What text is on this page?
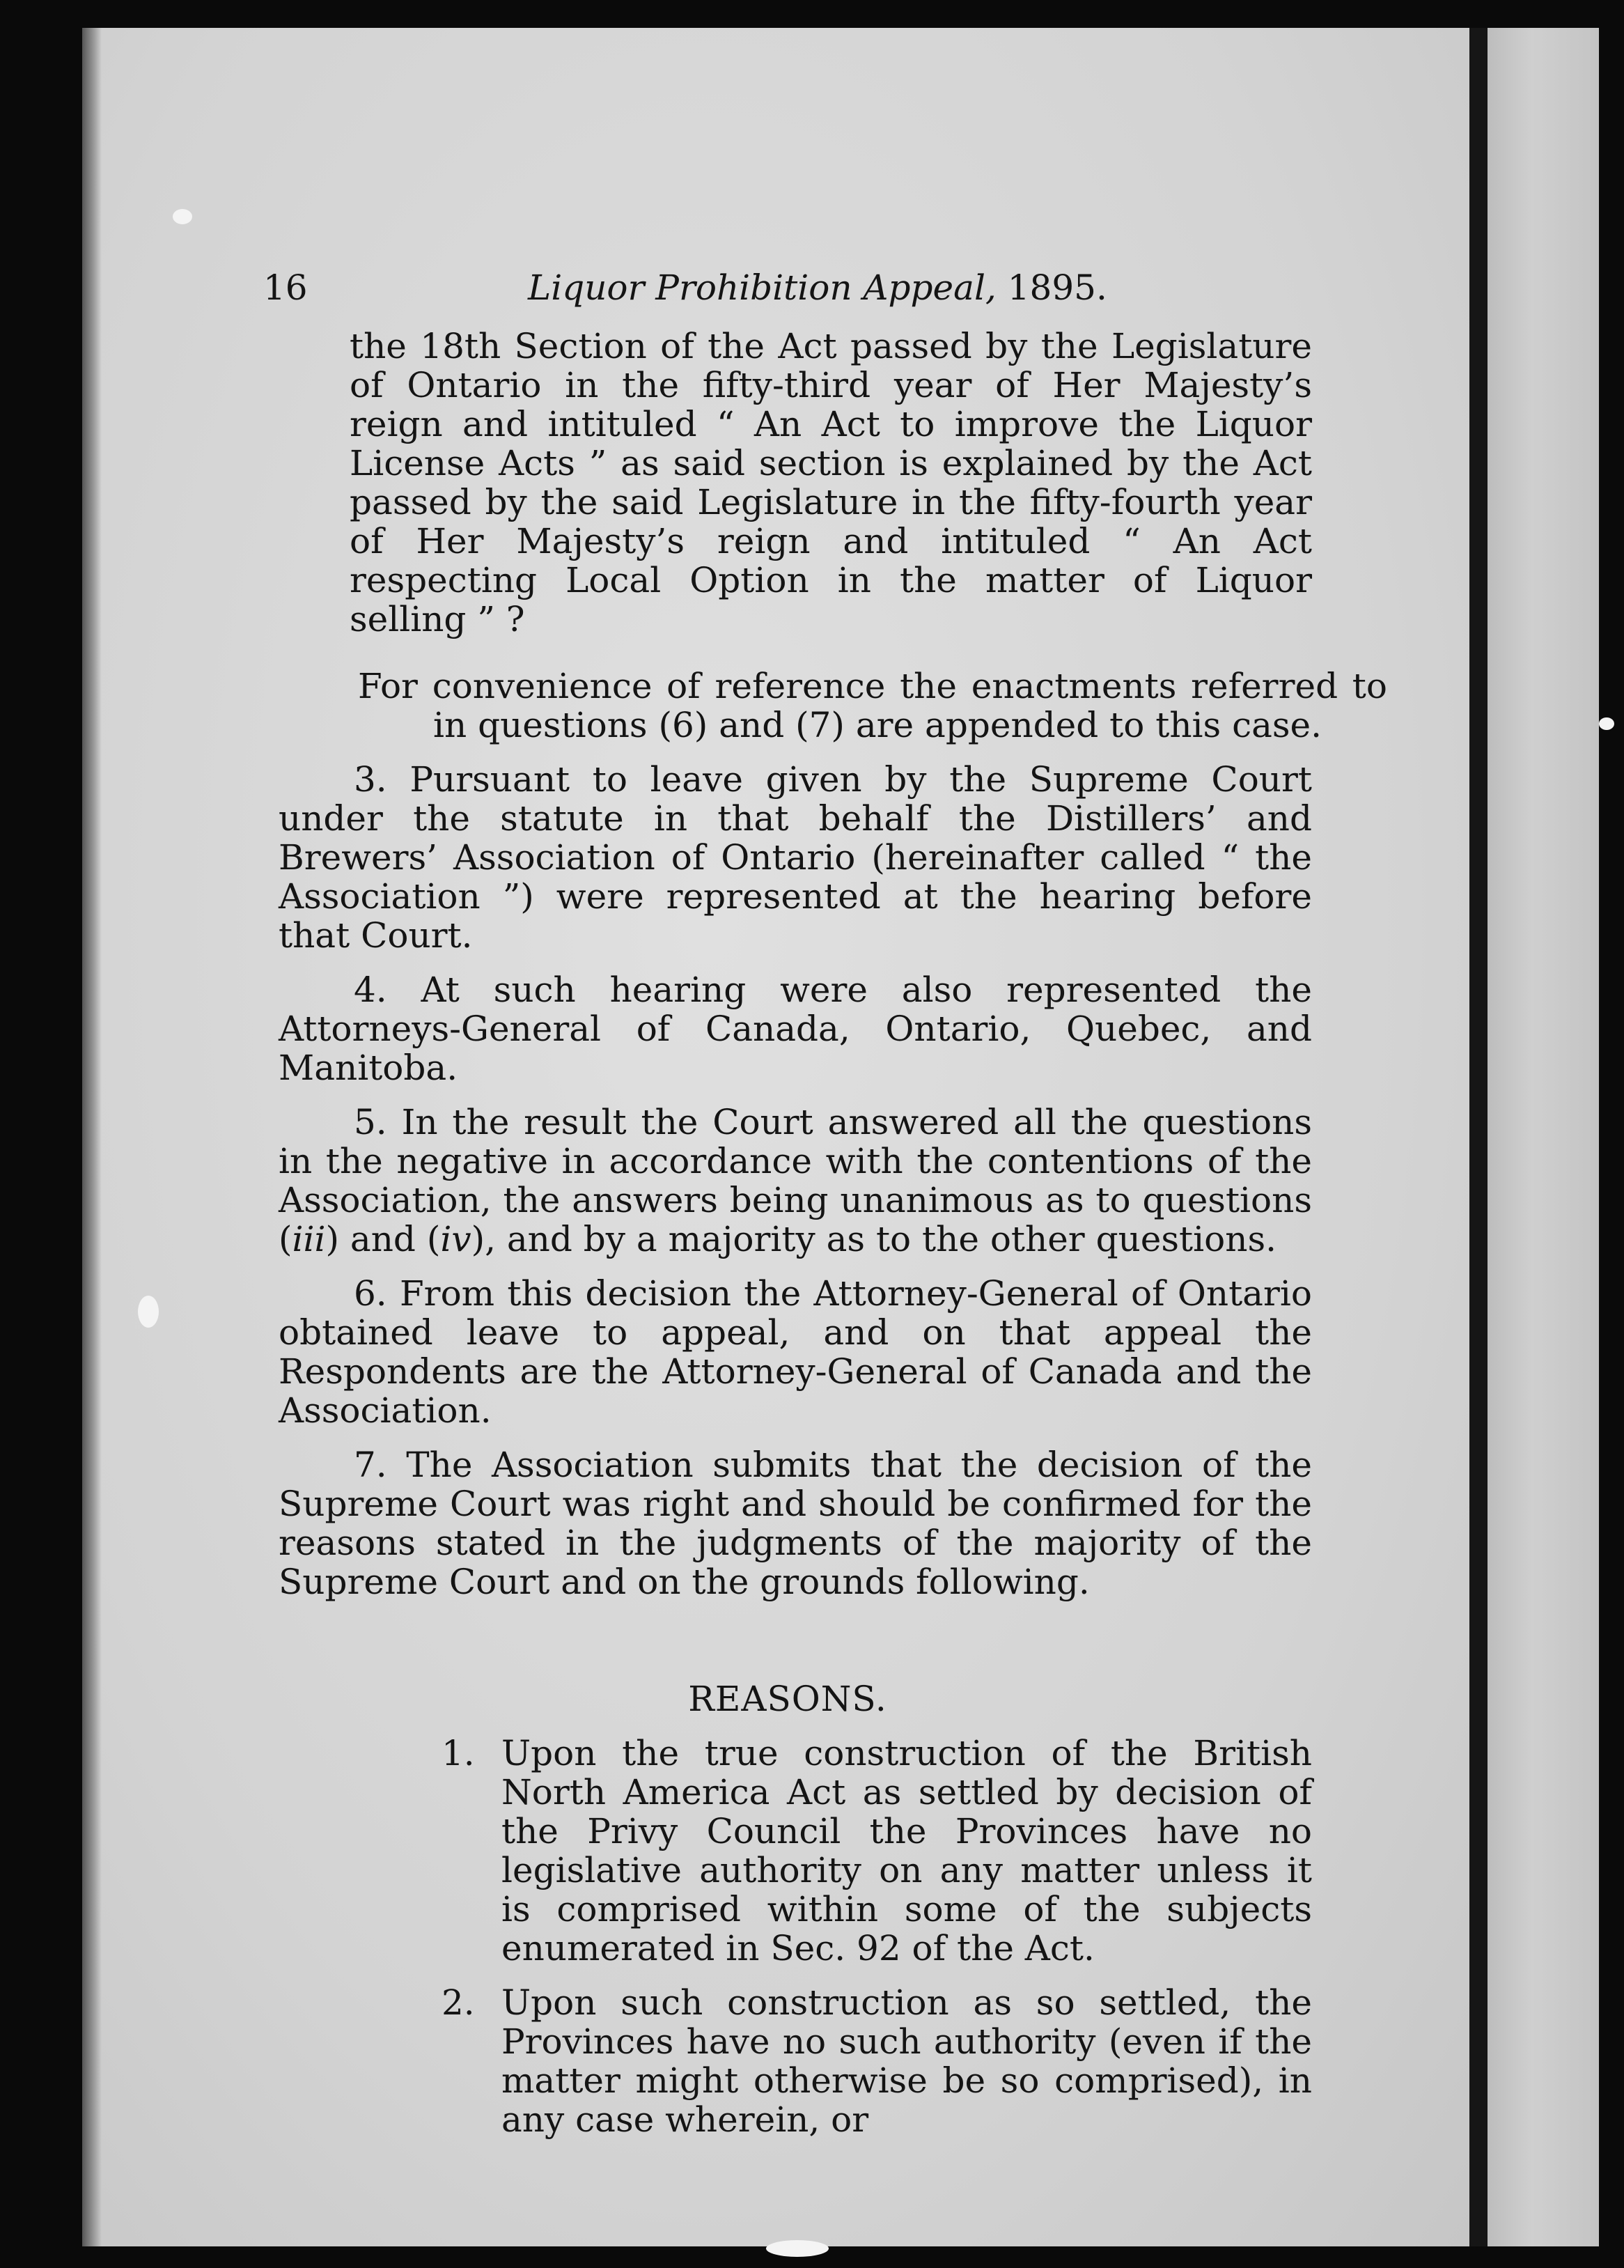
16	Liquor Prohibition Appeal, 1895.

the 18th Section of the Act passed by the Legislature of Ontario in the fifty-third year of Her Majesty’s reign and intituled “ An Act to improve the Liquor License Acts ” as said section is explained by the Act passed by the said Legislature in the fifty-fourth year of Her Majesty’s reign and intituled “ An Act respecting Local Option in the matter of Liquor selling ” ?

For convenience of reference the enactments referred to in questions (6) and (7) are appended to this case.

3. Pursuant to leave given by the Supreme Court under the statute in that behalf the Distillers’ and Brewers’ Association of Ontario (hereinafter called “ the Association ”) were represented at the hearing before that Court.

4. At such hearing were also represented the Attorneys-General of Canada, Ontario, Quebec, and Manitoba.

5. In the result the Court answered all the questions in the negative in accordance with the contentions of the Association, the answers being unanimous as to questions (iii) and (iv), and by a majority as to the other questions.

6. From this decision the Attorney-General of Ontario obtained leave to appeal, and on that appeal the Respondents are the Attorney-General of Canada and the Association.

7. The Association submits that the decision of the Supreme Court was right and should be confirmed for the reasons stated in the judgments of the majority of the Supreme Court and on the grounds following.

REASONS.

1. Upon the true construction of the British North America Act as settled by decision of the Privy Council the Provinces have no legislative authority on any matter unless it is comprised within some of the subjects enumerated in Sec. 92 of the Act.

2. Upon such construction as so settled, the Provinces have no such authority (even if the matter might otherwise be so comprised), in any case wherein, or
